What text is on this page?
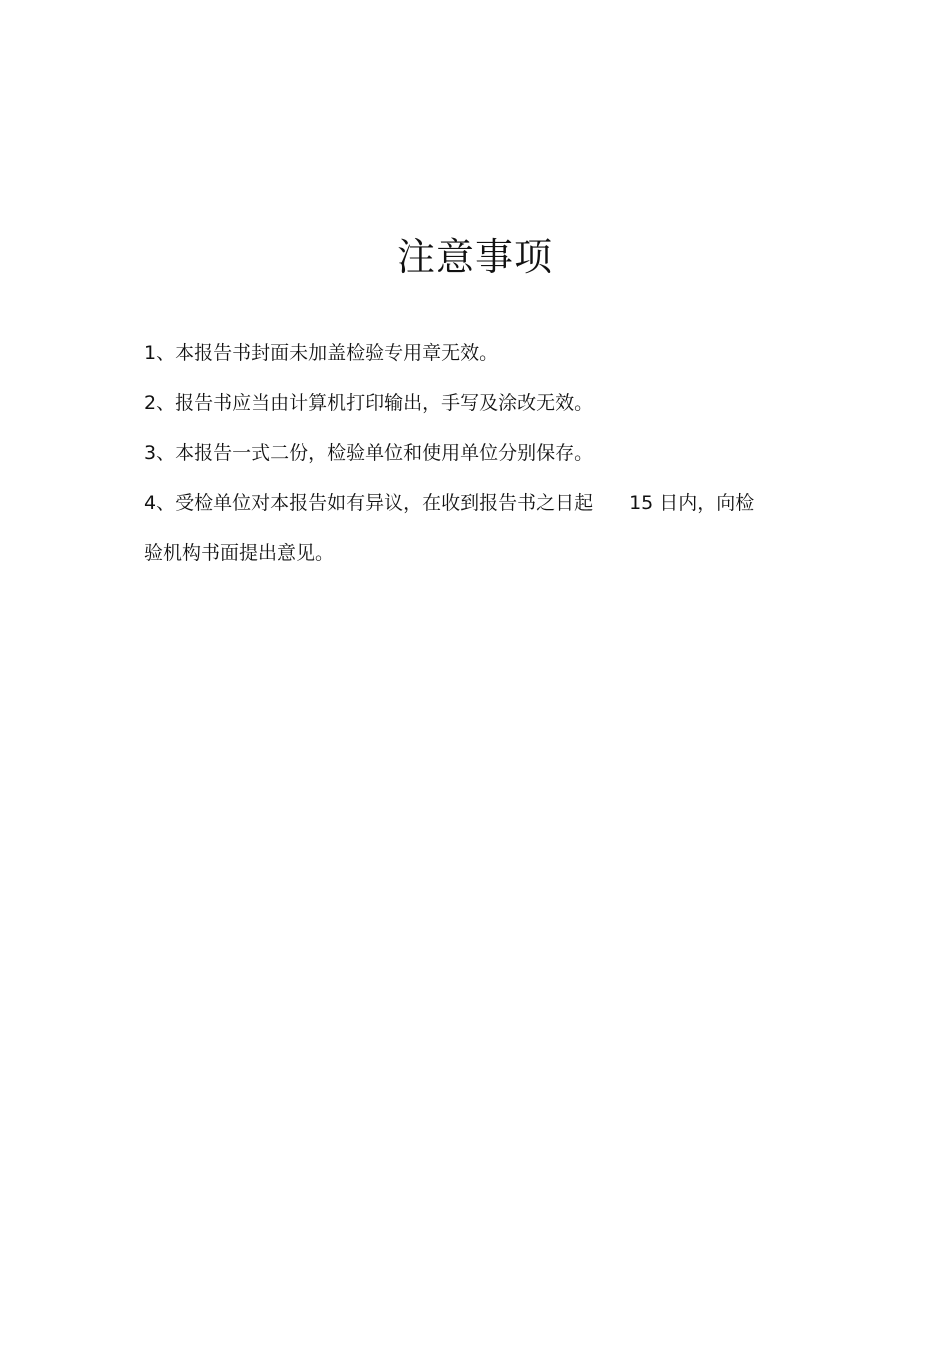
注意事项
1、本报告书封面未加盖检验专用章无效。
2、报告书应当由计算机打印输出，手写及涂改无效。
3、本报告一式二份，检验单位和使用单位分别保存。
4、受检单位对本报告如有异议，在收到报告书之日起 15 日内，向检
验机构书面提出意见。
